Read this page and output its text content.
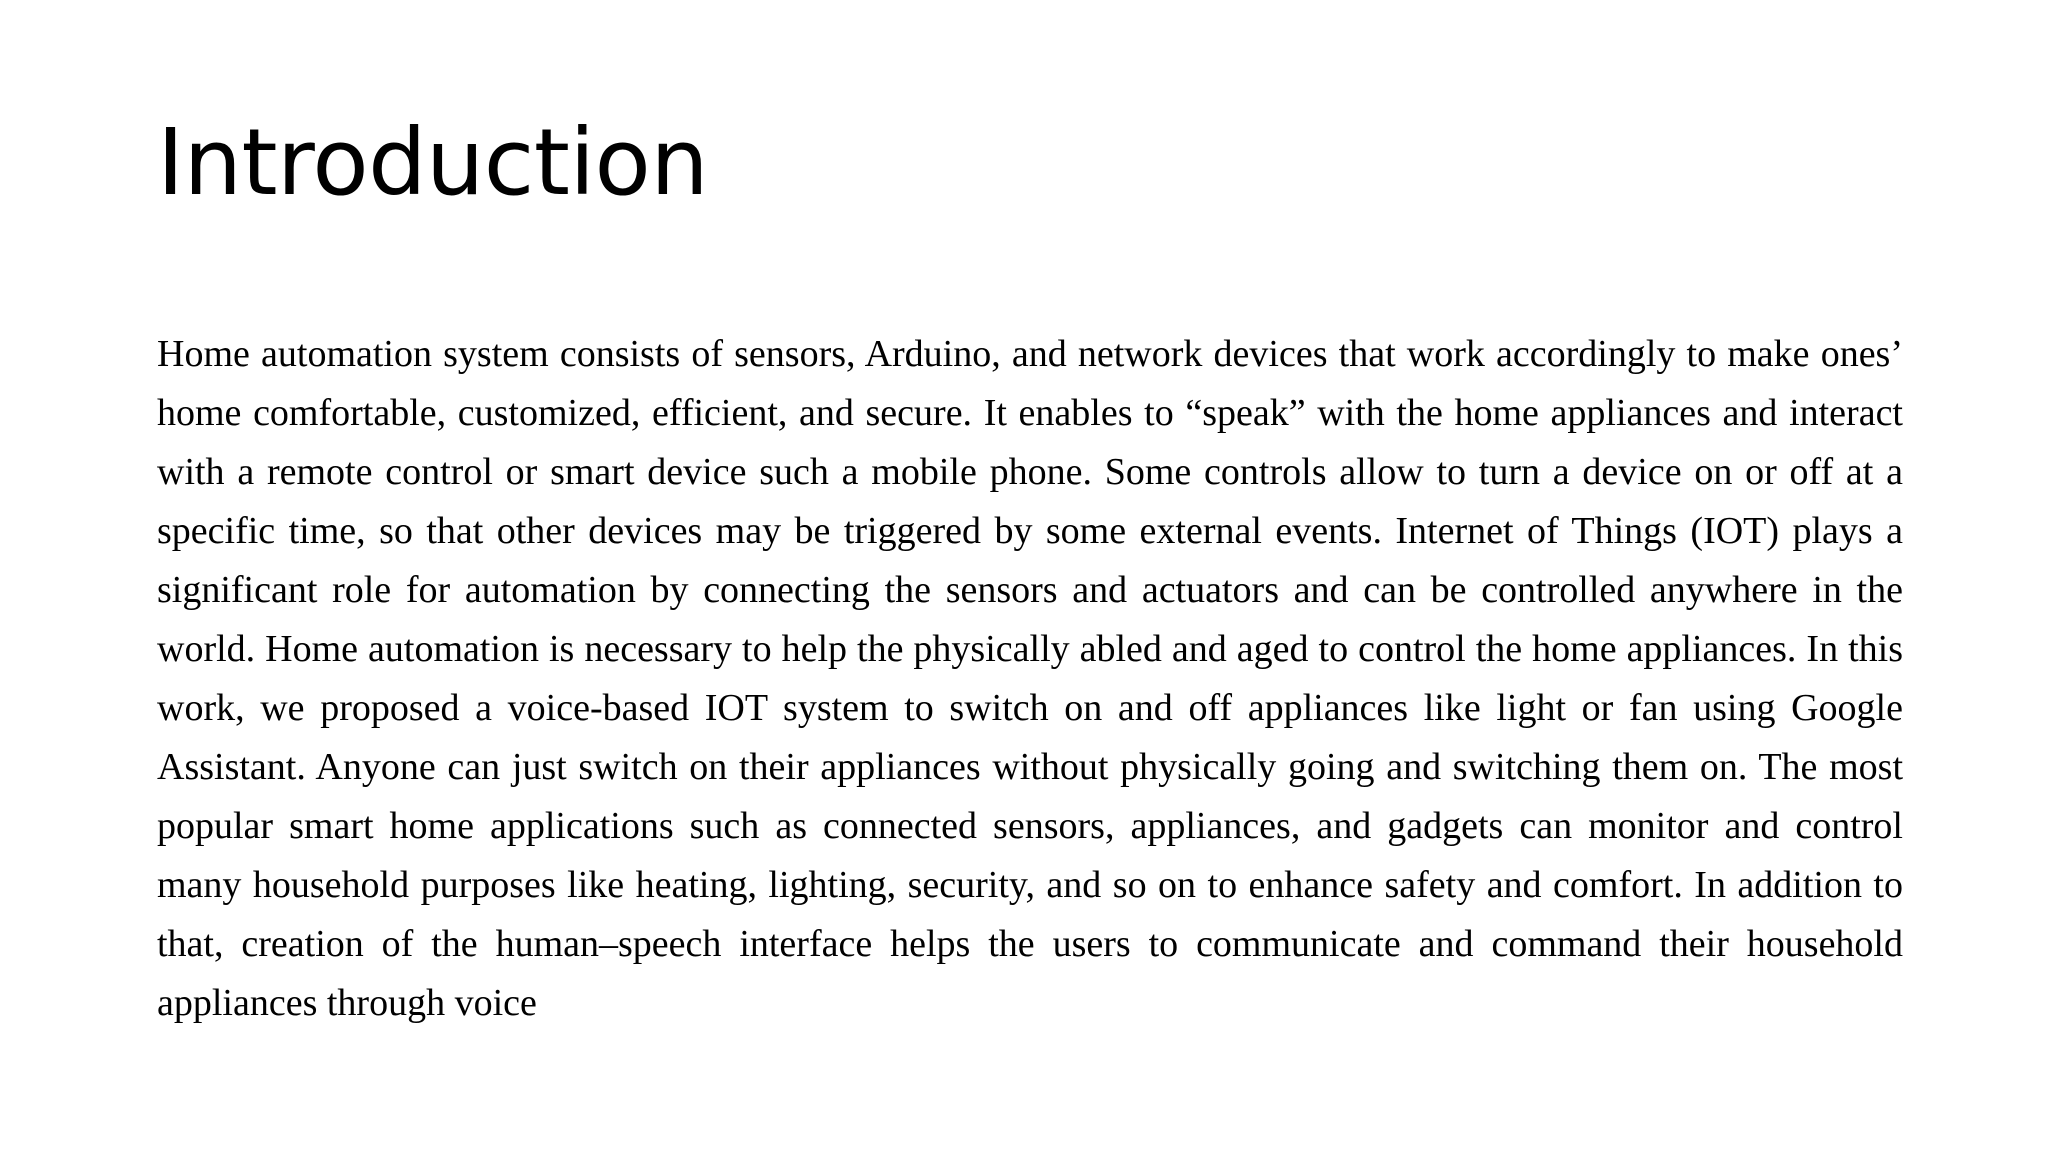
Introduction

Home automation system consists of sensors, Arduino, and network devices that work accordingly to make ones’ home comfortable, customized, efficient, and secure. It enables to “speak” with the home appliances and interact with a remote control or smart device such a mobile phone. Some controls allow to turn a device on or off at a specific time, so that other devices may be triggered by some external events. Internet of Things (IOT) plays a significant role for automation by connecting the sensors and actuators and can be controlled anywhere in the world. Home automation is necessary to help the physically abled and aged to control the home appliances. In this work, we proposed a voice-based IOT system to switch on and off appliances like light or fan using Google Assistant. Anyone can just switch on their appliances without physically going and switching them on. The most popular smart home applications such as connected sensors, appliances, and gadgets can monitor and control many household purposes like heating, lighting, security, and so on to enhance safety and comfort. In addition to that, creation of the human–speech interface helps the users to communicate and command their household appliances through voice
